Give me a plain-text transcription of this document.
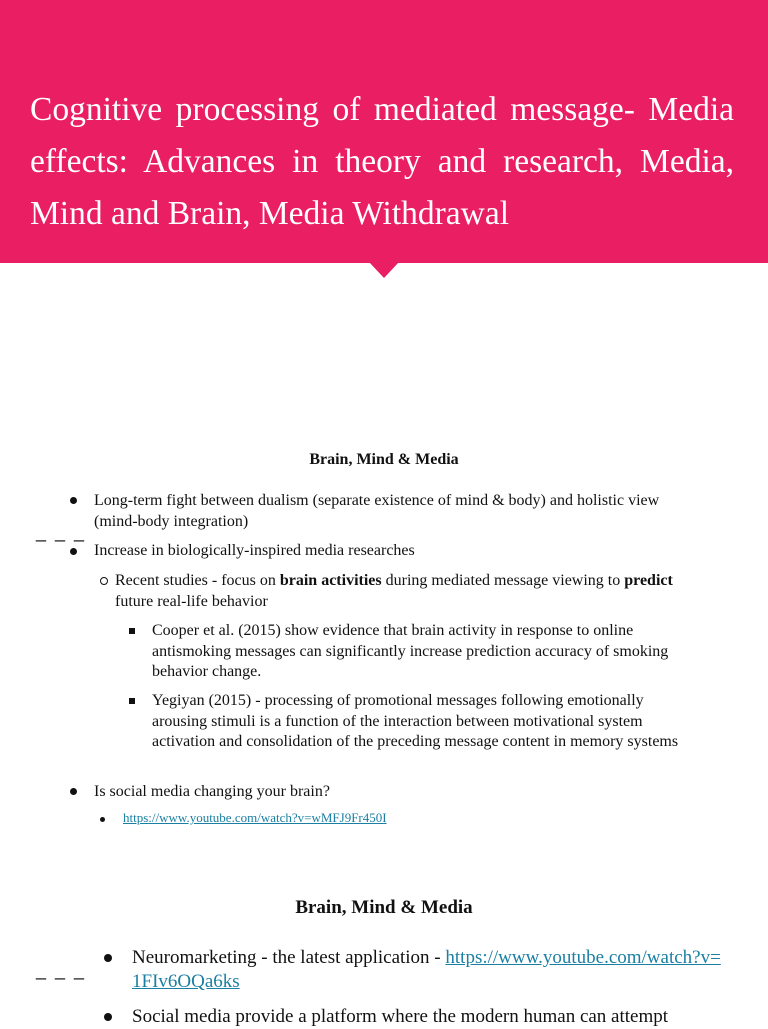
Cognitive processing of mediated message- Media effects: Advances in theory and research, Media, Mind and Brain, Media Withdrawal
_ _ _
Brain, Mind & Media

Long-term fight between dualism (separate existence of mind & body) and holistic view (mind-body integration)

Increase in biologically-inspired media researches

Recent studies - focus on brain activities during mediated message viewing to predict future real-life behavior

Cooper et al. (2015) show evidence that brain activity in response to online antismoking messages can significantly increase prediction accuracy of smoking behavior change.

Yegiyan (2015) - processing of promotional messages following emotionally arousing stimuli is a function of the interaction between motivational system activation and consolidation of the preceding message content in memory systems

Is social media changing your brain?

https://www.youtube.com/watch?v=wMFJ9Fr450I
_ _ _
Brain, Mind & Media

Neuromarketing - the latest application - https://www.youtube.com/watch?v=1FIv6OQa6ks

Social media provide a platform where the modern human can attempt
